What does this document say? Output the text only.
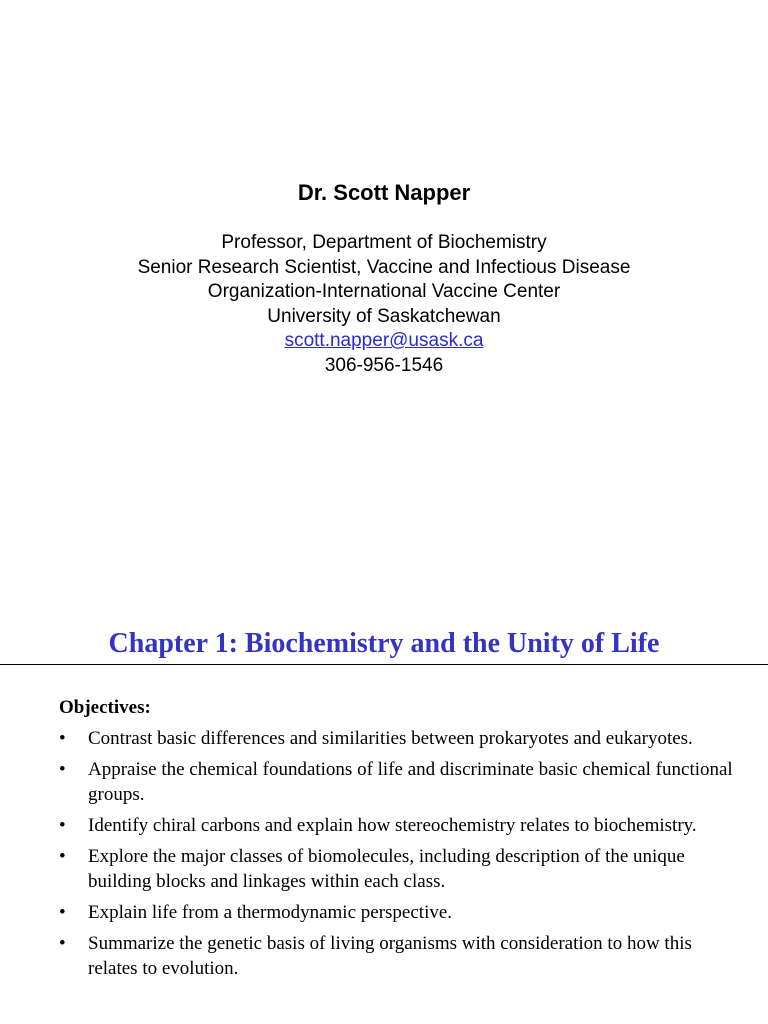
Dr. Scott Napper

Professor, Department of Biochemistry

Senior Research Scientist, Vaccine and Infectious Disease

Organization-International Vaccine Center

University of Saskatchewan

scott.napper@usask.ca

306-956-1546

Chapter 1: Biochemistry and the Unity of Life

Objectives:

• Contrast basic differences and similarities between prokaryotes and eukaryotes.
• Appraise the chemical foundations of life and discriminate basic chemical functional groups.
• Identify chiral carbons and explain how stereochemistry relates to biochemistry.
• Explore the major classes of biomolecules, including description of the unique building blocks and linkages within each class.
• Explain life from a thermodynamic perspective.
• Summarize the genetic basis of living organisms with consideration to how this relates to evolution.
